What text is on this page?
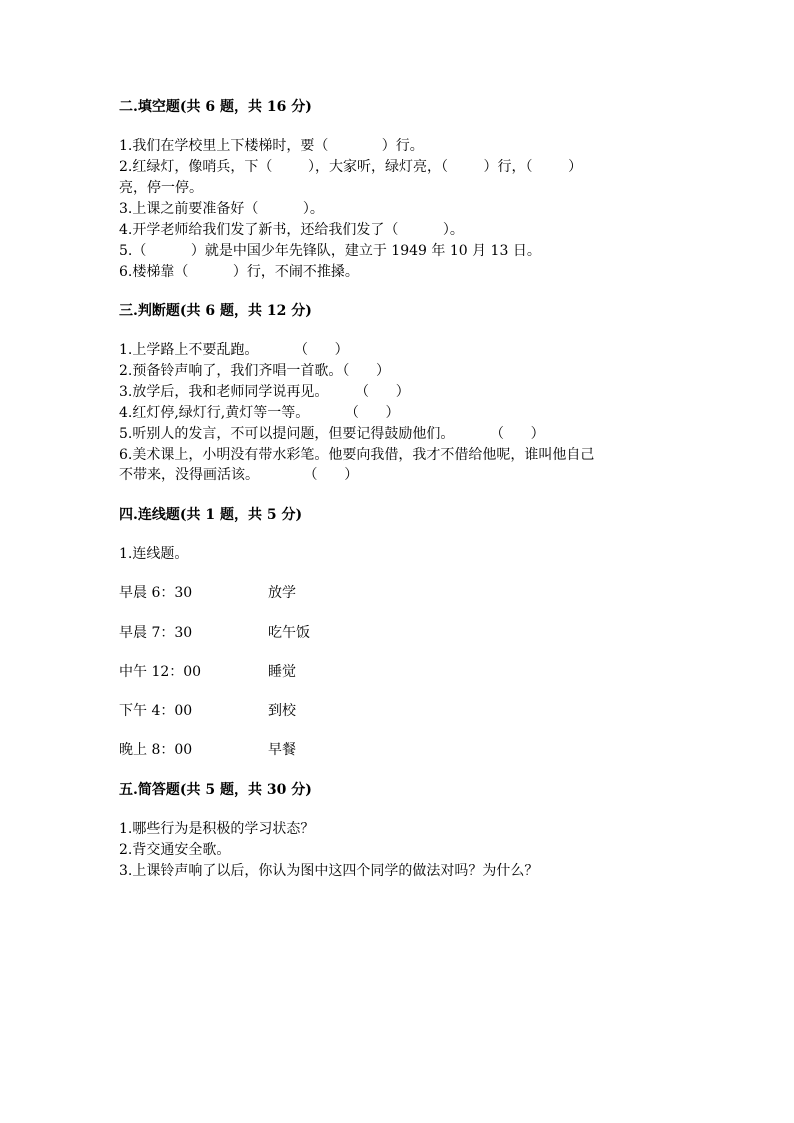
二.填空题(共 6 题，共 16 分)
1.我们在学校里上下楼梯时，要（            ）行。
2.红绿灯，像哨兵，下（        ），大家听，绿灯亮，（        ）行，（        ）
亮，停一停。
3.上课之前要准备好（          ）。
4.开学老师给我们发了新书，还给我们发了（          ）。
5.（          ）就是中国少年先锋队，建立于 1949 年 10 月 13 日。
6.楼梯靠（          ）行，不闹不推搡。
三.判断题(共 6 题，共 12 分)
1.上学路上不要乱跑。        （      ）
2.预备铃声响了，我们齐唱一首歌。（      ）
3.放学后，我和老师同学说再见。      （      ）
4.红灯停,绿灯行,黄灯等一等。        （      ）
5.听别人的发言，不可以提问题，但要记得鼓励他们。        （      ）
6.美术课上，小明没有带水彩笔。他要向我借，我才不借给他呢，谁叫他自己
不带来，没得画活该。          （      ）
四.连线题(共 1 题，共 5 分)
1.连线题。
早晨 6：30	放学
早晨 7：30	吃午饭
中午 12：00	睡觉
下午 4：00	到校
晚上 8：00	早餐
五.简答题(共 5 题，共 30 分)
1.哪些行为是积极的学习状态？
2.背交通安全歌。
3.上课铃声响了以后，你认为图中这四个同学的做法对吗？为什么？
